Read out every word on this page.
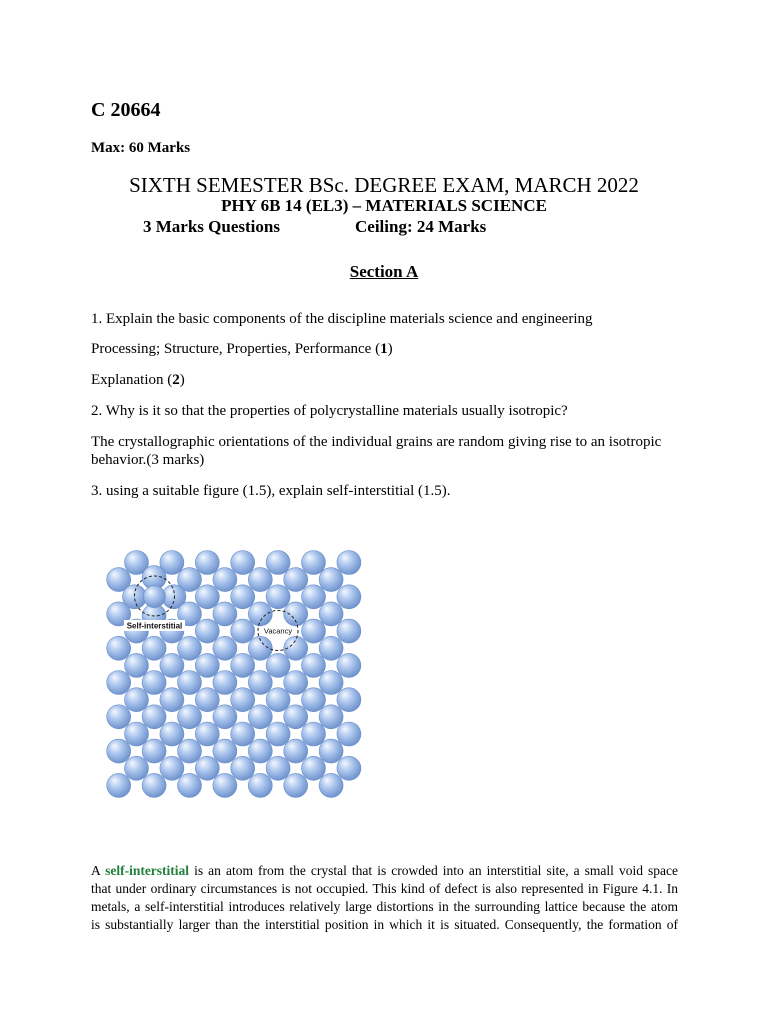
C 20664
Max: 60 Marks
SIXTH SEMESTER BSc. DEGREE EXAM, MARCH 2022
PHY 6B 14 (EL3) – MATERIALS SCIENCE
3 Marks Questions	Ceiling: 24 Marks
Section A
1. Explain the basic components of the discipline materials science and engineering
Processing; Structure, Properties, Performance (1)
Explanation (2)
2. Why is it so that the properties of polycrystalline materials usually isotropic?
The crystallographic orientations of the individual grains are random giving rise to an isotropic behavior.(3 marks)
3. using a suitable figure (1.5), explain self-interstitial (1.5).
Self-interstitial
Vacancy
A self-interstitial is an atom from the crystal that is crowded into an interstitial site, a small void space
that under ordinary circumstances is not occupied. This kind of defect is also represented in Figure 4.1. In
metals, a self-interstitial introduces relatively large distortions in the surrounding lattice because the atom
is substantially larger than the interstitial position in which it is situated. Consequently, the formation of
